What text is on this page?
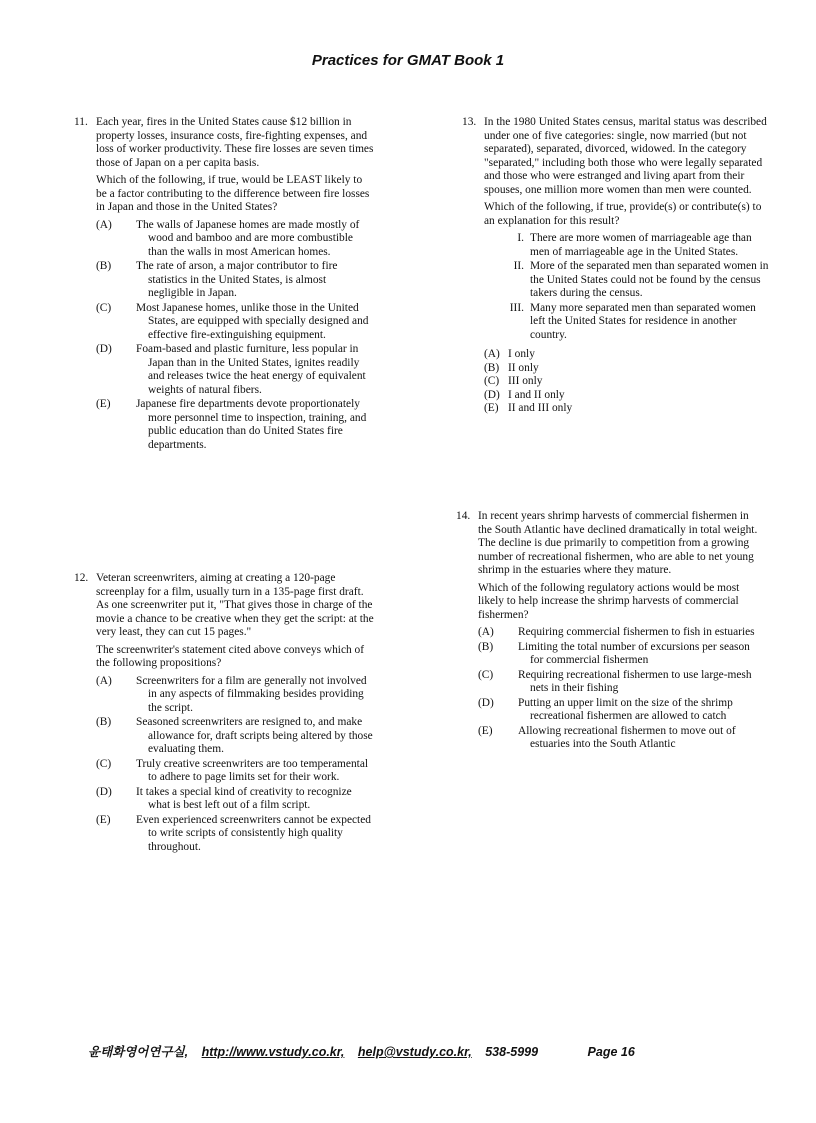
Practices for GMAT Book 1
11. Each year, fires in the United States cause $12 billion in property losses, insurance costs, fire-fighting expenses, and loss of worker productivity. These fire losses are seven times those of Japan on a per capita basis.

Which of the following, if true, would be LEAST likely to be a factor contributing to the difference between fire losses in Japan and those in the United States?

(A)	The walls of Japanese homes are made mostly of wood and bamboo and are more combustible than the walls in most American homes.
(B)	The rate of arson, a major contributor to fire statistics in the United States, is almost negligible in Japan.
(C)	Most Japanese homes, unlike those in the United States, are equipped with specially designed and effective fire-extinguishing equipment.
(D)	Foam-based and plastic furniture, less popular in Japan than in the United States, ignites readily and releases twice the heat energy of equivalent weights of natural fibers.
(E)	Japanese fire departments devote proportionately more personnel time to inspection, training, and public education than do United States fire departments.
12. Veteran screenwriters, aiming at creating a 120-page screenplay for a film, usually turn in a 135-page first draft. As one screenwriter put it, "That gives those in charge of the movie a chance to be creative when they get the script: at the very least, they can cut 15 pages."

The screenwriter's statement cited above conveys which of the following propositions?

(A)	Screenwriters for a film are generally not involved in any aspects of filmmaking besides providing the script.
(B)	Seasoned screenwriters are resigned to, and make allowance for, draft scripts being altered by those evaluating them.
(C)	Truly creative screenwriters are too temperamental to adhere to page limits set for their work.
(D)	It takes a special kind of creativity to recognize what is best left out of a film script.
(E)	Even experienced screenwriters cannot be expected to write scripts of consistently high quality throughout.
13. In the 1980 United States census, marital status was described under one of five categories: single, now married (but not separated), separated, divorced, widowed. In the category "separated," including both those who were legally separated and those who were estranged and living apart from their spouses, one million more women than men were counted.

Which of the following, if true, provide(s) or contribute(s) to an explanation for this result?

I. There are more women of marriageable age than men of marriageable age in the United States.
II. More of the separated men than separated women in the United States could not be found by the census takers during the census.
III. Many more separated men than separated women left the United States for residence in another country.
(A) I only
(B) II only
(C) III only
(D) I and II only
(E) II and III only
14. In recent years shrimp harvests of commercial fishermen in the South Atlantic have declined dramatically in total weight. The decline is due primarily to competition from a growing number of recreational fishermen, who are able to net young shrimp in the estuaries where they mature.

Which of the following regulatory actions would be most likely to help increase the shrimp harvests of commercial fishermen?

(A)	Requiring commercial fishermen to fish in estuaries
(B)	Limiting the total number of excursions per season for commercial fishermen
(C)	Requiring recreational fishermen to use large-mesh nets in their fishing
(D)	Putting an upper limit on the size of the shrimp recreational fishermen are allowed to catch
(E)	Allowing recreational fishermen to move out of estuaries into the South Atlantic
윤태화영어연구실, http://www.vstudy.co.kr, help@vstudy.co.kr, 538-5999	Page 16
